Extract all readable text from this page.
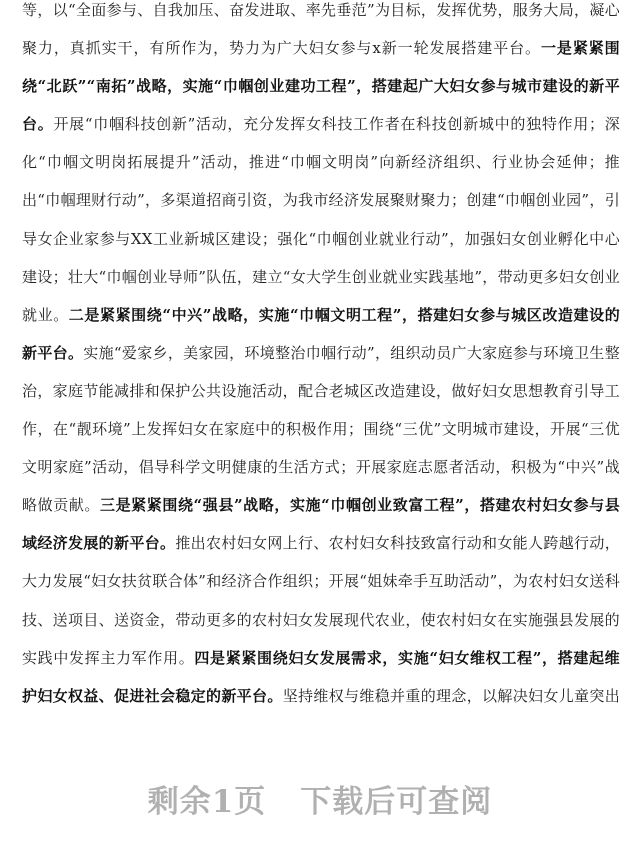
等，以“全面参与、自我加压、奋发进取、率先垂范”为目标，发挥优势，服务大局，凝心聚力，真抓实干，有所作为，势力为广大妇女参与x新一轮发展搭建平台。一是紧紧围绕“北跃”“南拓”战略，实施“巾帼创业建功工程”，搭建起广大妇女参与城市建设的新平台。开展“巾帼科技创新”活动，充分发挥女科技工作者在科技创新城中的独特作用；深化“巾帼文明岗拓展提升”活动，推进“巾帼文明岗”向新经济组织、行业协会延伸；推出“巾帼理财行动”，多渠道招商引资，为我市经济发展聚财聚力；创建“巾帼创业园”，引导女企业家参与XX工业新城区建设；强化“巾帼创业就业行动”，加强妇女创业孵化中心建设；壮大“巾帼创业导师”队伍，建立“女大学生创业就业实践基地”，带动更多妇女创业就业。二是紧紧围绕“中兴”战略，实施“巾帼文明工程”，搭建妇女参与城区改造建设的新平台。实施“爱家乡，美家园，环境整治巾帼行动”，组织动员广大家庭参与环境卫生整治，家庭节能减排和保护公共设施活动，配合老城区改造建设，做好妇女思想教育引导工作，在“靓环境”上发挥妇女在家庭中的积极作用；围绕“三优”文明城市建设，开展“三优文明家庭”活动，倡导科学文明健康的生活方式；开展家庭志愿者活动，积极为“中兴”战略做贡献。三是紧紧围绕“强县”战略，实施“巾帼创业致富工程”，搭建农村妇女参与县域经济发展的新平台。推出农村妇女网上行、农村妇女科技致富行动和女能人跨越行动，大力发展“妇女扶贫联合体”和经济合作组织；开展“姐妹牵手互助活动”，为农村妇女送科技、送项目、送资金，带动更多的农村妇女发展现代农业，使农村妇女在实施强县发展的实践中发挥主力军作用。四是紧紧围绕妇女发展需求，实施“妇女维权工程”，搭建起维护妇女权益、促进社会稳定的新平台。坚持维权与维稳并重的理念，以解决妇女儿童突出

剩余1页 下载后可查阅
